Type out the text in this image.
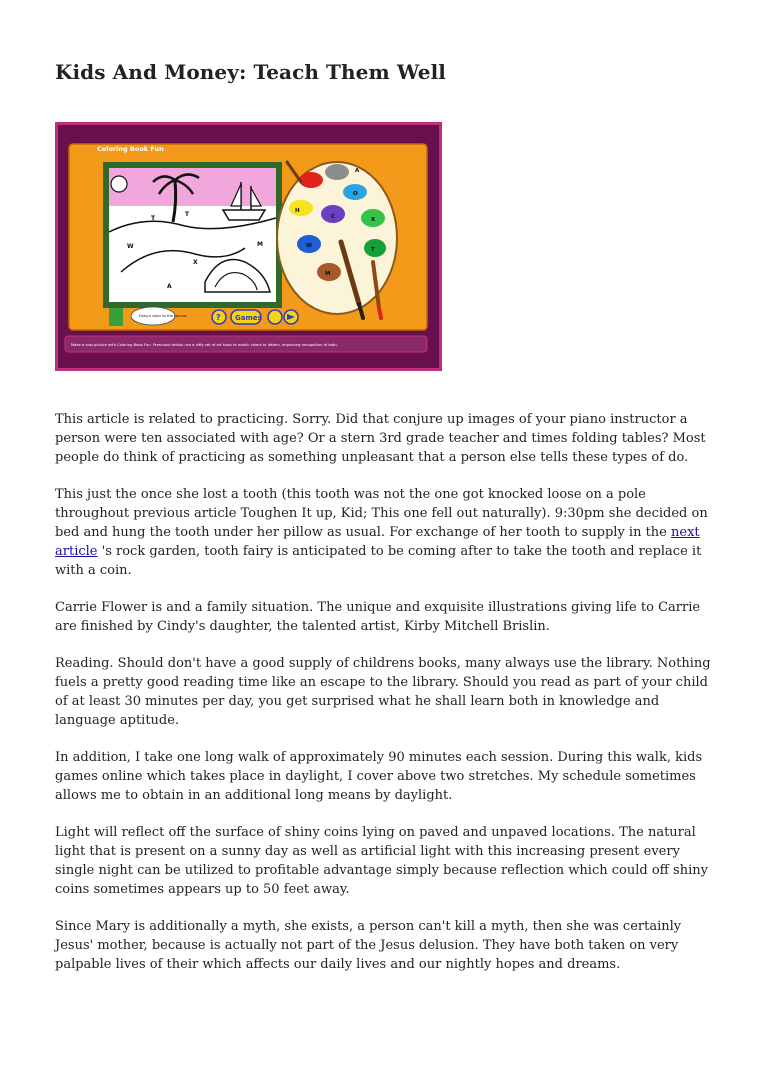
Kids And Money: Teach Them Well
Coloring Book Fun
T
T
W	M
X
A
H
C
O
W
T
X
M
A
Drag a color to the canvas	? Games
Make a cool picture with Coloring Book Fun. Preschool artists use a nifty set of art tools to match colors to letters, improving recognition of both.

This article is related to practicing. Sorry. Did that conjure up images of your piano instructor a person were ten associated with age? Or a stern 3rd grade teacher and times folding tables? Most people do think of practicing as something unpleasant that a person else tells these types of do.

This just the once she lost a tooth (this tooth was not the one got knocked loose on a pole throughout previous article Toughen It up, Kid; This one fell out naturally). 9:30pm she decided on bed and hung the tooth under her pillow as usual. For exchange of her tooth to supply in the next article 's rock garden, tooth fairy is anticipated to be coming after to take the tooth and replace it with a coin.

Carrie Flower is and a family situation. The unique and exquisite illustrations giving life to Carrie are finished by Cindy's daughter, the talented artist, Kirby Mitchell Brislin.

Reading. Should don't have a good supply of childrens books, many always use the library. Nothing fuels a pretty good reading time like an escape to the library. Should you read as part of your child of at least 30 minutes per day, you get surprised what he shall learn both in knowledge and language aptitude.

In addition, I take one long walk of approximately 90 minutes each session. During this walk, kids games online which takes place in daylight, I cover above two stretches. My schedule sometimes allows me to obtain in an additional long means by daylight.

Light will reflect off the surface of shiny coins lying on paved and unpaved locations. The natural light that is present on a sunny day as well as artificial light with this increasing present every single night can be utilized to profitable advantage simply because reflection which could off shiny coins sometimes appears up to 50 feet away.

Since Mary is additionally a myth, she exists, a person can't kill a myth, then she was certainly Jesus' mother, because is actually not part of the Jesus delusion. They have both taken on very palpable lives of their which affects our daily lives and our nightly hopes and dreams.
